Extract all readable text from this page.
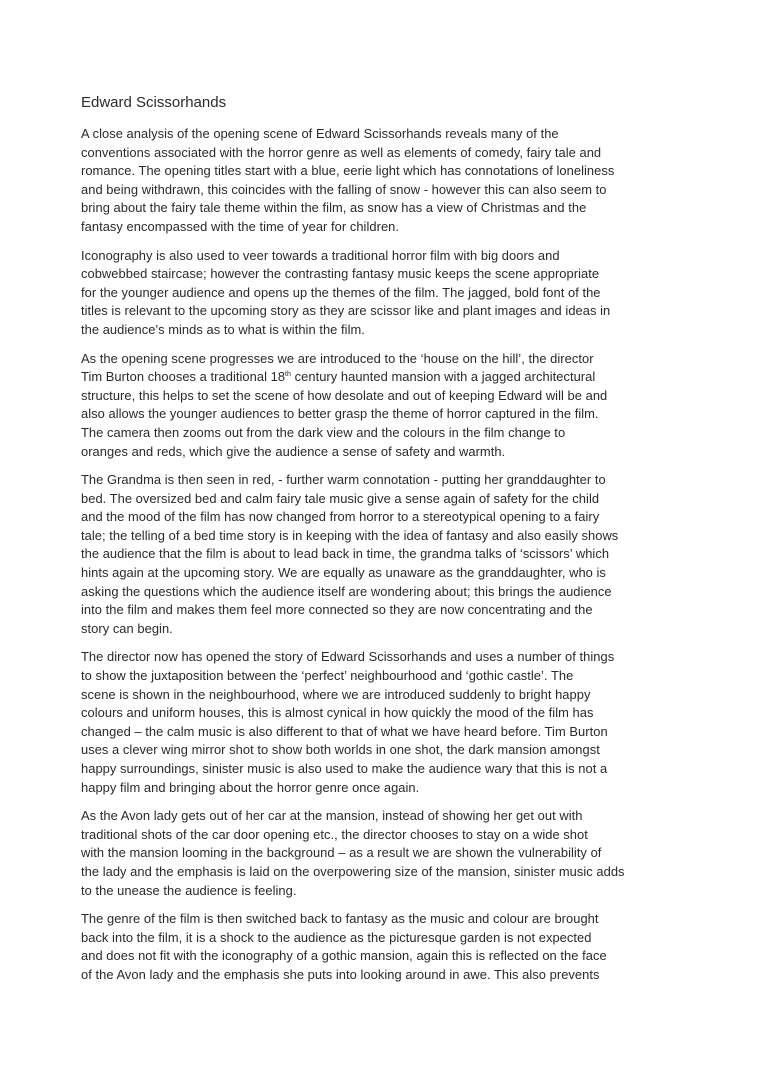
Edward Scissorhands
A close analysis of the opening scene of Edward Scissorhands reveals many of the
conventions associated with the horror genre as well as elements of comedy, fairy tale and
romance. The opening titles start with a blue, eerie light which has connotations of loneliness
and being withdrawn, this coincides with the falling of snow - however this can also seem to
bring about the fairy tale theme within the film, as snow has a view of Christmas and the
fantasy encompassed with the time of year for children.
Iconography is also used to veer towards a traditional horror film with big doors and
cobwebbed staircase; however the contrasting fantasy music keeps the scene appropriate
for the younger audience and opens up the themes of the film. The jagged, bold font of the
titles is relevant to the upcoming story as they are scissor like and plant images and ideas in
the audience’s minds as to what is within the film.
As the opening scene progresses we are introduced to the ‘house on the hill’, the director
Tim Burton chooses a traditional 18th century haunted mansion with a jagged architectural
structure, this helps to set the scene of how desolate and out of keeping Edward will be and
also allows the younger audiences to better grasp the theme of horror captured in the film.
The camera then zooms out from the dark view and the colours in the film change to
oranges and reds, which give the audience a sense of safety and warmth.
The Grandma is then seen in red, - further warm connotation - putting her granddaughter to
bed. The oversized bed and calm fairy tale music give a sense again of safety for the child
and the mood of the film has now changed from horror to a stereotypical opening to a fairy
tale; the telling of a bed time story is in keeping with the idea of fantasy and also easily shows
the audience that the film is about to lead back in time, the grandma talks of ‘scissors’ which
hints again at the upcoming story. We are equally as unaware as the granddaughter, who is
asking the questions which the audience itself are wondering about; this brings the audience
into the film and makes them feel more connected so they are now concentrating and the
story can begin.
The director now has opened the story of Edward Scissorhands and uses a number of things
to show the juxtaposition between the ‘perfect’ neighbourhood and ‘gothic castle’. The
scene is shown in the neighbourhood, where we are introduced suddenly to bright happy
colours and uniform houses, this is almost cynical in how quickly the mood of the film has
changed – the calm music is also different to that of what we have heard before. Tim Burton
uses a clever wing mirror shot to show both worlds in one shot, the dark mansion amongst
happy surroundings, sinister music is also used to make the audience wary that this is not a
happy film and bringing about the horror genre once again.
As the Avon lady gets out of her car at the mansion, instead of showing her get out with
traditional shots of the car door opening etc., the director chooses to stay on a wide shot
with the mansion looming in the background – as a result we are shown the vulnerability of
the lady and the emphasis is laid on the overpowering size of the mansion, sinister music adds
to the unease the audience is feeling.
The genre of the film is then switched back to fantasy as the music and colour are brought
back into the film, it is a shock to the audience as the picturesque garden is not expected
and does not fit with the iconography of a gothic mansion, again this is reflected on the face
of the Avon lady and the emphasis she puts into looking around in awe. This also prevents
